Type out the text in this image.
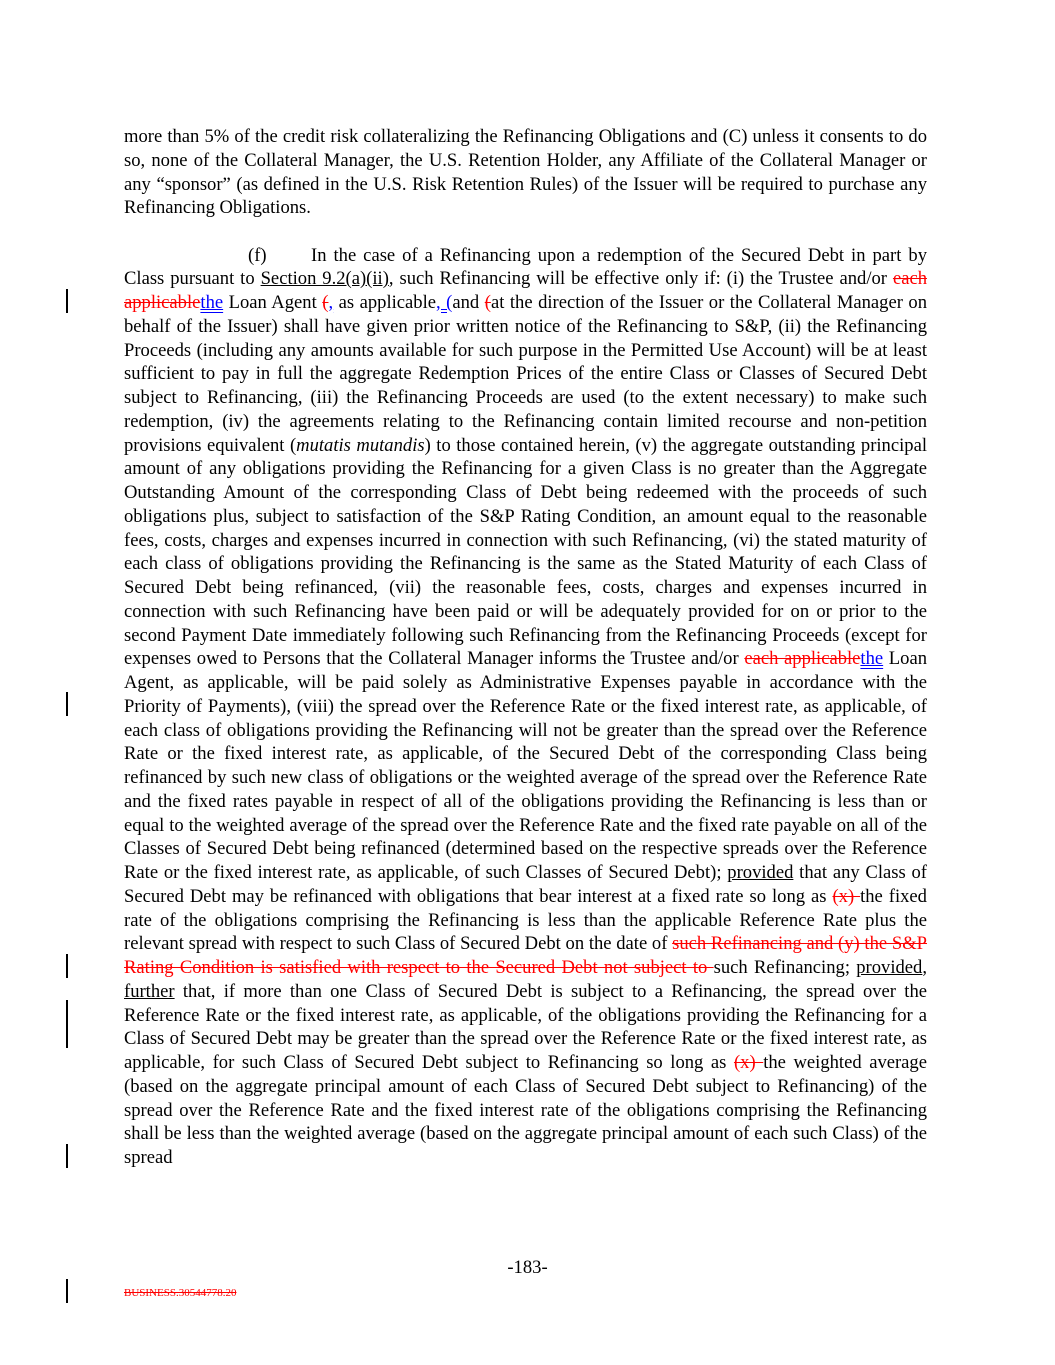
more than 5% of the credit risk collateralizing the Refinancing Obligations and (C) unless it consents to do so, none of the Collateral Manager, the U.S. Retention Holder, any Affiliate of the Collateral Manager or any “sponsor” (as defined in the U.S. Risk Retention Rules) of the Issuer will be required to purchase any Refinancing Obligations.

(f) In the case of a Refinancing upon a redemption of the Secured Debt in part by Class pursuant to Section 9.2(a)(ii), such Refinancing will be effective only if: (i) the Trustee and/or each applicablethe Loan Agent (, as applicable, (and (at the direction of the Issuer or the Collateral Manager on behalf of the Issuer) shall have given prior written notice of the Refinancing to S&P, (ii) the Refinancing Proceeds (including any amounts available for such purpose in the Permitted Use Account) will be at least sufficient to pay in full the aggregate Redemption Prices of the entire Class or Classes of Secured Debt subject to Refinancing, (iii) the Refinancing Proceeds are used (to the extent necessary) to make such redemption, (iv) the agreements relating to the Refinancing contain limited recourse and non-petition provisions equivalent (mutatis mutandis) to those contained herein, (v) the aggregate outstanding principal amount of any obligations providing the Refinancing for a given Class is no greater than the Aggregate Outstanding Amount of the corresponding Class of Debt being redeemed with the proceeds of such obligations plus, subject to satisfaction of the S&P Rating Condition, an amount equal to the reasonable fees, costs, charges and expenses incurred in connection with such Refinancing, (vi) the stated maturity of each class of obligations providing the Refinancing is the same as the Stated Maturity of each Class of Secured Debt being refinanced, (vii) the reasonable fees, costs, charges and expenses incurred in connection with such Refinancing have been paid or will be adequately provided for on or prior to the second Payment Date immediately following such Refinancing from the Refinancing Proceeds (except for expenses owed to Persons that the Collateral Manager informs the Trustee and/or each applicablethe Loan Agent, as applicable, will be paid solely as Administrative Expenses payable in accordance with the Priority of Payments), (viii) the spread over the Reference Rate or the fixed interest rate, as applicable, of each class of obligations providing the Refinancing will not be greater than the spread over the Reference Rate or the fixed interest rate, as applicable, of the Secured Debt of the corresponding Class being refinanced by such new class of obligations or the weighted average of the spread over the Reference Rate and the fixed rates payable in respect of all of the obligations providing the Refinancing is less than or equal to the weighted average of the spread over the Reference Rate and the fixed rate payable on all of the Classes of Secured Debt being refinanced (determined based on the respective spreads over the Reference Rate or the fixed interest rate, as applicable, of such Classes of Secured Debt); provided that any Class of Secured Debt may be refinanced with obligations that bear interest at a fixed rate so long as (x) the fixed rate of the obligations comprising the Refinancing is less than the applicable Reference Rate plus the relevant spread with respect to such Class of Secured Debt on the date of such Refinancing and (y) the S&P Rating Condition is satisfied with respect to the Secured Debt not subject to such Refinancing; provided, further that, if more than one Class of Secured Debt is subject to a Refinancing, the spread over the Reference Rate or the fixed interest rate, as applicable, of the obligations providing the Refinancing for a Class of Secured Debt may be greater than the spread over the Reference Rate or the fixed interest rate, as applicable, for such Class of Secured Debt subject to Refinancing so long as (x) the weighted average (based on the aggregate principal amount of each Class of Secured Debt subject to Refinancing) of the spread over the Reference Rate and the fixed interest rate of the obligations comprising the Refinancing shall be less than the weighted average (based on the aggregate principal amount of each such Class) of the spread

-183-
BUSINESS.30544778.20
